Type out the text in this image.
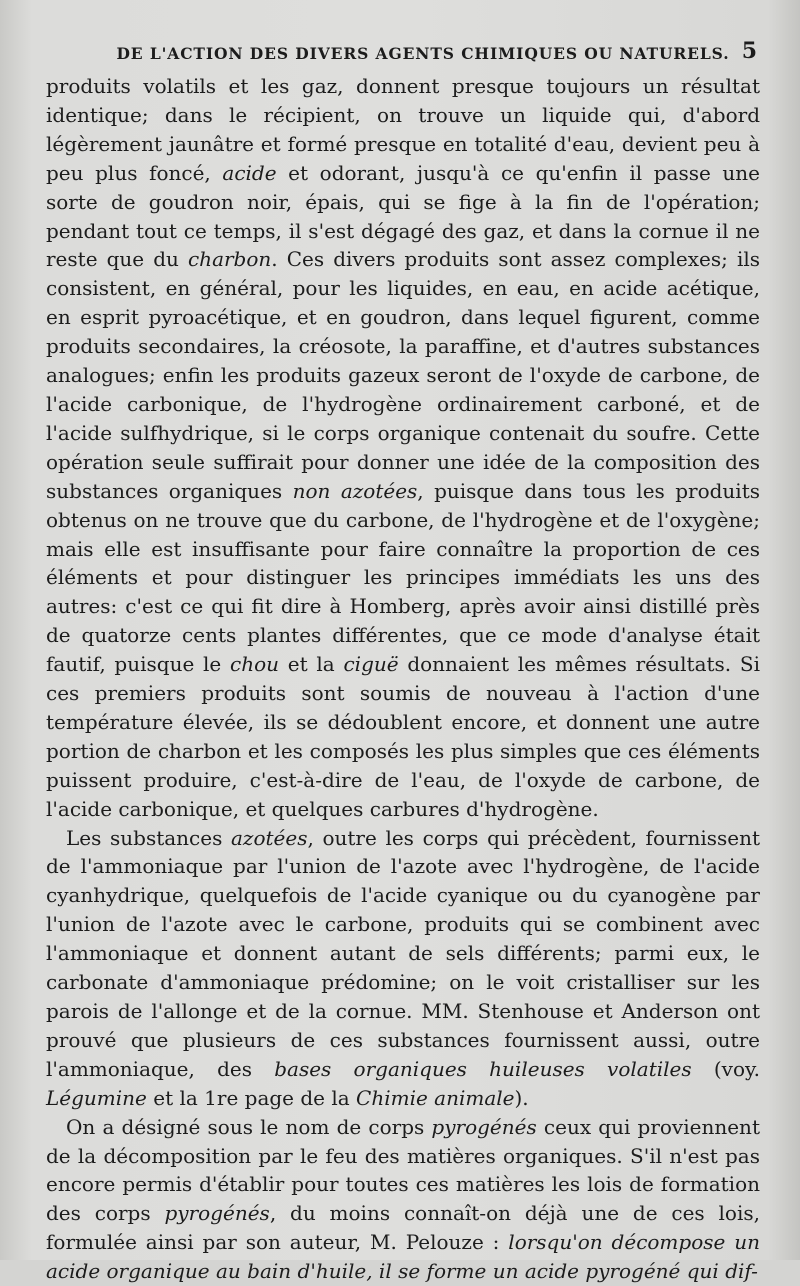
DE L'ACTION DES DIVERS AGENTS CHIMIQUES OU NATURELS. 5

produits volatils et les gaz, donnent presque toujours un résultat identique; dans le récipient, on trouve un liquide qui, d'abord légèrement jaunâtre et formé presque en totalité d'eau, devient peu à peu plus foncé, acide et odorant, jusqu'à ce qu'enfin il passe une sorte de goudron noir, épais, qui se fige à la fin de l'opération; pendant tout ce temps, il s'est dégagé des gaz, et dans la cornue il ne reste que du charbon. Ces divers produits sont assez complexes; ils consistent, en général, pour les liquides, en eau, en acide acétique, en esprit pyroacétique, et en goudron, dans lequel figurent, comme produits secondaires, la créosote, la paraffine, et d'autres substances analogues; enfin les produits gazeux seront de l'oxyde de carbone, de l'acide carbonique, de l'hydrogène ordinairement carboné, et de l'acide sulfhydrique, si le corps organique contenait du soufre. Cette opération seule suffirait pour donner une idée de la composition des substances organiques non azotées, puisque dans tous les produits obtenus on ne trouve que du carbone, de l'hydrogène et de l'oxygène; mais elle est insuffisante pour faire connaître la proportion de ces éléments et pour distinguer les principes immédiats les uns des autres: c'est ce qui fit dire à Homberg, après avoir ainsi distillé près de quatorze cents plantes différentes, que ce mode d'analyse était fautif, puisque le chou et la ciguë donnaient les mêmes résultats. Si ces premiers produits sont soumis de nouveau à l'action d'une température élevée, ils se dédoublent encore, et donnent une autre portion de charbon et les composés les plus simples que ces éléments puissent produire, c'est-à-dire de l'eau, de l'oxyde de carbone, de l'acide carbonique, et quelques carbures d'hydrogène.

Les substances azotées, outre les corps qui précèdent, fournissent de l'ammoniaque par l'union de l'azote avec l'hydrogène, de l'acide cyanhydrique, quelquefois de l'acide cyanique ou du cyanogène par l'union de l'azote avec le carbone, produits qui se combinent avec l'ammoniaque et donnent autant de sels différents; parmi eux, le carbonate d'ammoniaque prédomine; on le voit cristalliser sur les parois de l'allonge et de la cornue. MM. Stenhouse et Anderson ont prouvé que plusieurs de ces substances fournissent aussi, outre l'ammoniaque, des bases organiques huileuses volatiles (voy. Légumine et la 1re page de la Chimie animale).

On a désigné sous le nom de corps pyrogénés ceux qui proviennent de la décomposition par le feu des matières organiques. S'il n'est pas encore permis d'établir pour toutes ces matières les lois de formation des corps pyrogénés, du moins connaît-on déjà une de ces lois, formulée ainsi par son auteur, M. Pelouze : lorsqu'on décompose un acide organique au bain d'huile, il se forme un acide pyrogéné qui dif-
